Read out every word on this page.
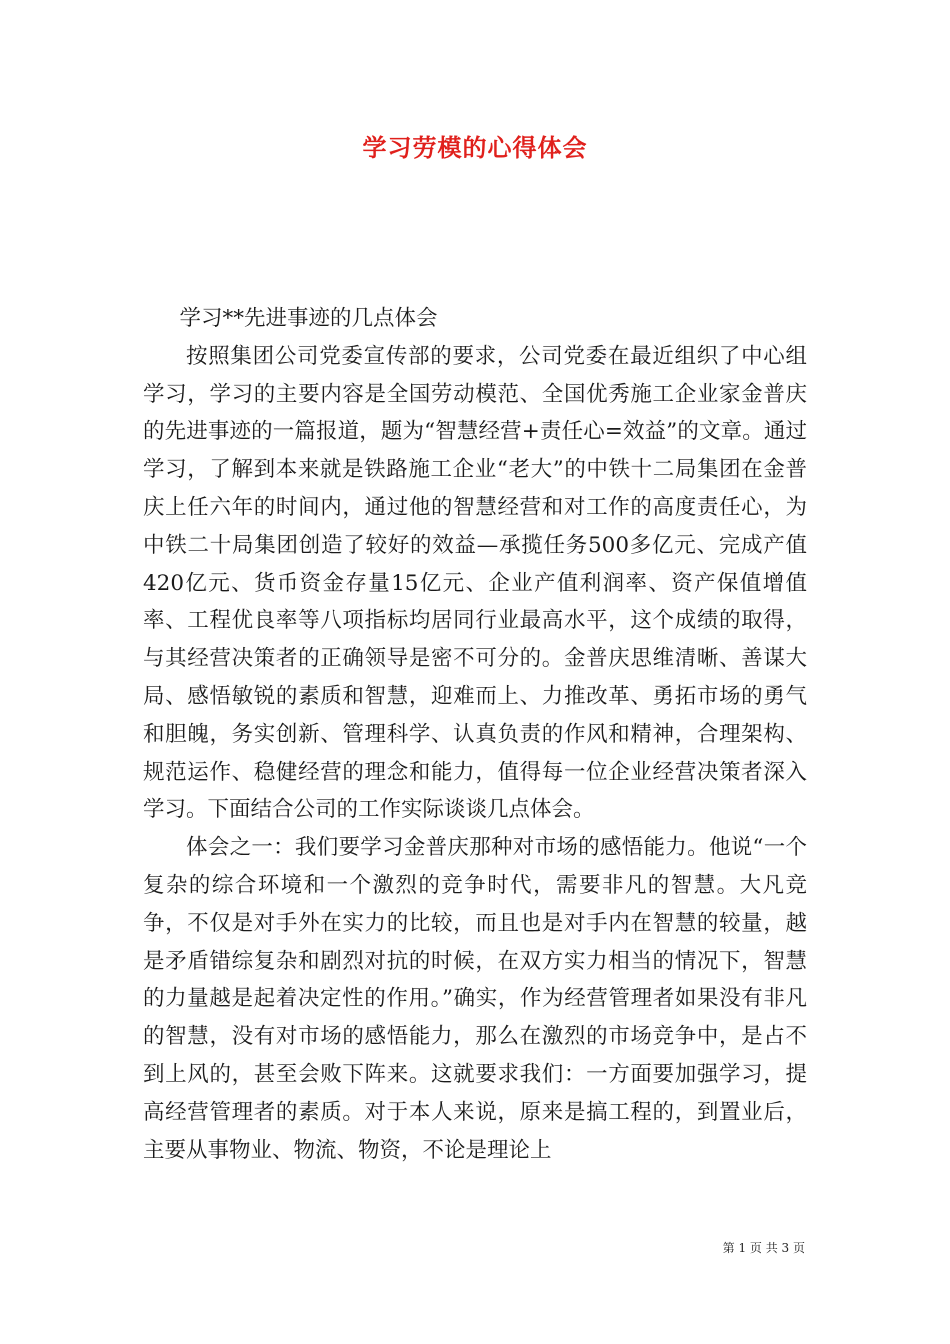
学习劳模的心得体会

学习**先进事迹的几点体会

按照集团公司党委宣传部的要求，公司党委在最近组织了中心组学习，学习的主要内容是全国劳动模范、全国优秀施工企业家金普庆的先进事迹的一篇报道，题为“智慧经营+责任心=效益”的文章。通过学习，了解到本来就是铁路施工企业“老大”的中铁十二局集团在金普庆上任六年的时间内，通过他的智慧经营和对工作的高度责任心，为中铁二十局集团创造了较好的效益—承揽任务500多亿元、完成产值420亿元、货币资金存量15亿元、企业产值利润率、资产保值增值率、工程优良率等八项指标均居同行业最高水平，这个成绩的取得，与其经营决策者的正确领导是密不可分的。金普庆思维清晰、善谋大局、感悟敏锐的素质和智慧，迎难而上、力推改革、勇拓市场的勇气和胆魄，务实创新、管理科学、认真负责的作风和精神，合理架构、规范运作、稳健经营的理念和能力，值得每一位企业经营决策者深入学习。下面结合公司的工作实际谈谈几点体会。

体会之一：我们要学习金普庆那种对市场的感悟能力。他说“一个复杂的综合环境和一个激烈的竞争时代，需要非凡的智慧。大凡竞争，不仅是对手外在实力的比较，而且也是对手内在智慧的较量，越是矛盾错综复杂和剧烈对抗的时候，在双方实力相当的情况下，智慧的力量越是起着决定性的作用。”确实，作为经营管理者如果没有非凡的智慧，没有对市场的感悟能力，那么在激烈的市场竞争中，是占不到上风的，甚至会败下阵来。这就要求我们：一方面要加强学习，提高经营管理者的素质。对于本人来说，原来是搞工程的，到置业后，主要从事物业、物流、物资，不论是理论上

第 1 页 共 3 页
